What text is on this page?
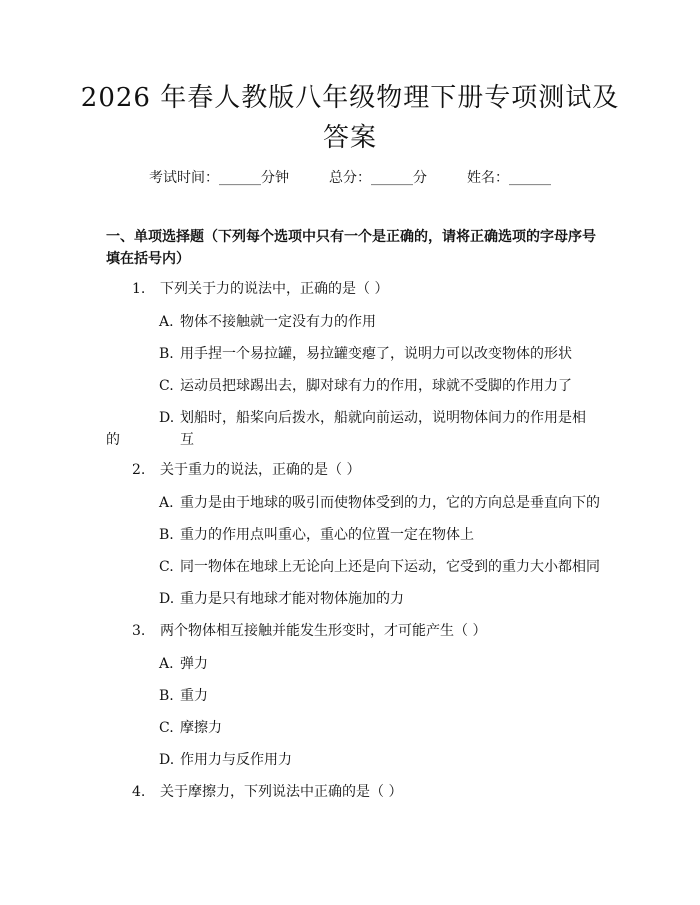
2026 年春人教版八年级物理下册专项测试及答案
考试时间：______分钟	总分：______分	姓名：______
一、单项选择题（下列每个选项中只有一个是正确的，请将正确选项的字母序号填在括号内）
1.	下列关于力的说法中，正确的是（ ）
A. 物体不接触就一定没有力的作用
B. 用手捏一个易拉罐，易拉罐变瘪了，说明力可以改变物体的形状
C. 运动员把球踢出去，脚对球有力的作用，球就不受脚的作用力了
D. 划船时，船桨向后拨水，船就向前运动，说明物体间力的作用是相互
的
2.	关于重力的说法，正确的是（ ）
A. 重力是由于地球的吸引而使物体受到的力，它的方向总是垂直向下的
B. 重力的作用点叫重心，重心的位置一定在物体上
C. 同一物体在地球上无论向上还是向下运动，它受到的重力大小都相同
D. 重力是只有地球才能对物体施加的力
3.	两个物体相互接触并能发生形变时，才可能产生（ ）
A. 弹力
B. 重力
C. 摩擦力
D. 作用力与反作用力
4.	关于摩擦力，下列说法中正确的是（ ）
